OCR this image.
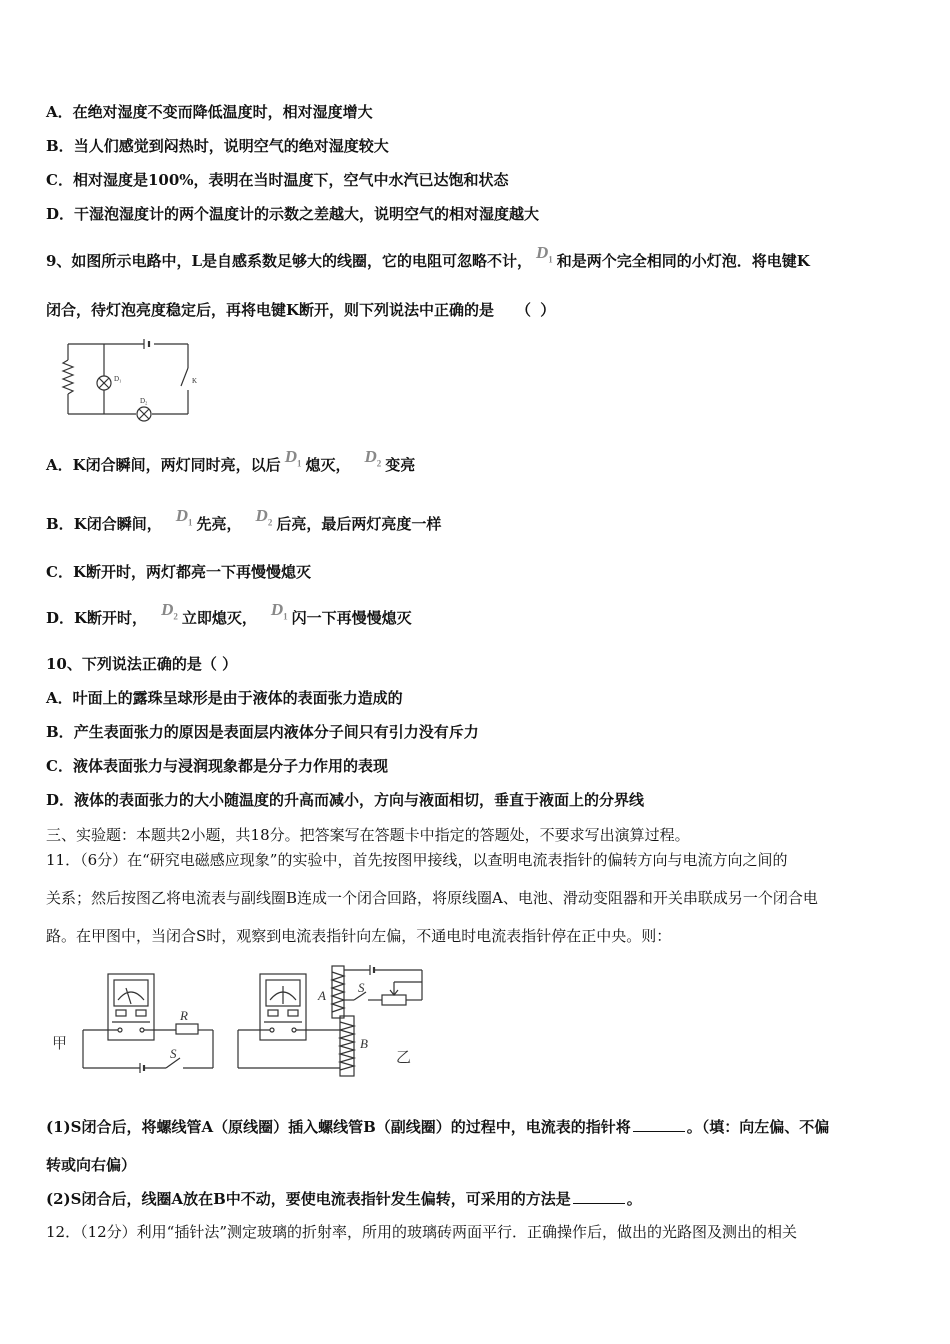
A．在绝对湿度不变而降低温度时，相对湿度增大
B．当人们感觉到闷热时，说明空气的绝对湿度较大
C．相对湿度是100%，表明在当时温度下，空气中水汽已达饱和状态
D．干湿泡湿度计的两个温度计的示数之差越大，说明空气的相对湿度越大
9、如图所示电路中，L是自感系数足够大的线圈，它的电阻可忽略不计， $D_1$ 和是两个完全相同的小灯泡．将电键K
闭合，待灯泡亮度稳定后，再将电键K断开，则下列说法中正确的是 （ ）
D₁
D₂
K
A．K闭合瞬间，两灯同时亮，以后 $D_1$ 熄灭， $D_2$ 变亮
B．K闭合瞬间， $D_1$ 先亮， $D_2$ 后亮，最后两灯亮度一样
C．K断开时，两灯都亮一下再慢慢熄灭
D．K断开时， $D_2$ 立即熄灭， $D_1$ 闪一下再慢慢熄灭
10、下列说法正确的是（ ）
A．叶面上的露珠呈球形是由于液体的表面张力造成的
B．产生表面张力的原因是表面层内液体分子间只有引力没有斥力
C．液体表面张力与浸润现象都是分子力作用的表现
D．液体的表面张力的大小随温度的升高而减小，方向与液面相切，垂直于液面上的分界线
三、实验题：本题共2小题，共18分。把答案写在答题卡中指定的答题处，不要求写出演算过程。
11．（6分）在“研究电磁感应现象”的实验中，首先按图甲接线，以查明电流表指针的偏转方向与电流方向之间的
关系；然后按图乙将电流表与副线圈B连成一个闭合回路，将原线圈A、电池、滑动变阻器和开关串联成另一个闭合电
路。在甲图中，当闭合S时，观察到电流表指针向左偏，不通电时电流表指针停在正中央。则：
甲
R
S
A
S
B
乙
(1)S闭合后，将螺线管A（原线圈）插入螺线管B（副线圈）的过程中，电流表的指针将	。（填：向左偏、不偏
转或向右偏）
(2)S闭合后，线圈A放在B中不动，要使电流表指针发生偏转，可采用的方法是	。
12．（12分）利用“插针法”测定玻璃的折射率，所用的玻璃砖两面平行．正确操作后，做出的光路图及测出的相关
